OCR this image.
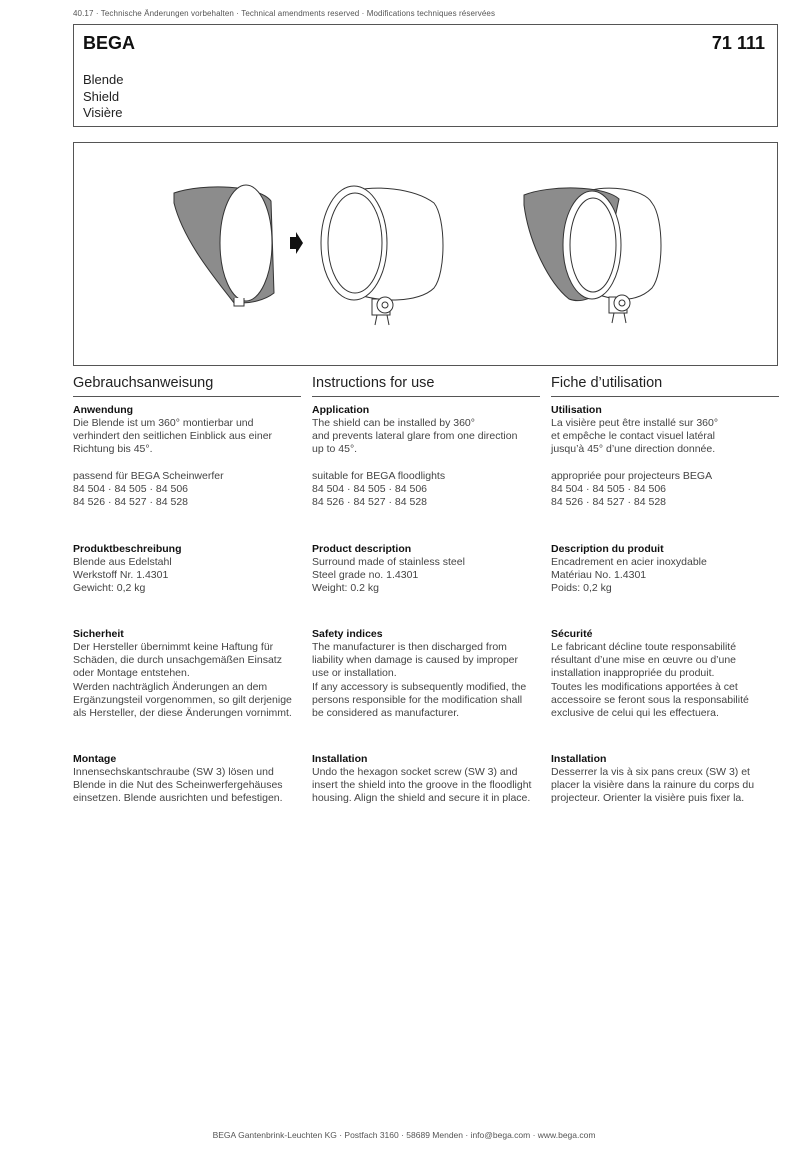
40.17 · Technische Änderungen vorbehalten · Technical amendments reserved · Modifications techniques réservées
BEGA	71 111
Blende
Shield
Visière
Gebrauchsanweisung
Anwendung

Die Blende ist um 360° montierbar und
verhindert den seitlichen Einblick aus einer
Richtung bis 45°.

passend für BEGA Scheinwerfer
84 504 · 84 505 · 84 506
84 526 · 84 527 · 84 528

Produktbeschreibung

Blende aus Edelstahl
Werkstoff Nr. 1.4301
Gewicht: 0,2 kg

Sicherheit

Der Hersteller übernimmt keine Haftung für
Schäden, die durch unsachgemäßen Einsatz
oder Montage entstehen.
Werden nachträglich Änderungen an dem
Ergänzungsteil vorgenommen, so gilt derjenige
als Hersteller, der diese Änderungen vornimmt.

Montage

Innensechskantschraube (SW 3) lösen und
Blende in die Nut des Scheinwerfergehäuses
einsetzen. Blende ausrichten und befestigen.

Instructions for use
Application

The shield can be installed by 360°
and prevents lateral glare from one direction
up to 45°.

suitable for BEGA floodlights
84 504 · 84 505 · 84 506
84 526 · 84 527 · 84 528

Product description

Surround made of stainless steel
Steel grade no. 1.4301
Weight: 0.2 kg

Safety indices

The manufacturer is then discharged from
liability when damage is caused by improper
use or installation.
If any accessory is subsequently modified, the
persons responsible for the modification shall
be considered as manufacturer.

Installation

Undo the hexagon socket screw (SW 3) and
insert the shield into the groove in the floodlight
housing. Align the shield and secure it in place.

Fiche d’utilisation
Utilisation

La visière peut être installé sur 360°
et empêche le contact visuel latéral
jusqu’à 45° d’une direction donnée.

appropriée pour projecteurs BEGA
84 504 · 84 505 · 84 506
84 526 · 84 527 · 84 528

Description du produit

Encadrement en acier inoxydable
Matériau No. 1.4301
Poids: 0,2 kg

Sécurité

Le fabricant décline toute responsabilité
résultant d’une mise en œuvre ou d’une
installation inappropriée du produit.
Toutes les modifications apportées à cet
accessoire se feront sous la responsabilité
exclusive de celui qui les effectuera.

Installation

Desserrer la vis à six pans creux (SW 3) et
placer la visière dans la rainure du corps du
projecteur. Orienter la visière puis fixer la.

BEGA Gantenbrink-Leuchten KG · Postfach 3160 · 58689 Menden · info@bega.com · www.bega.com
